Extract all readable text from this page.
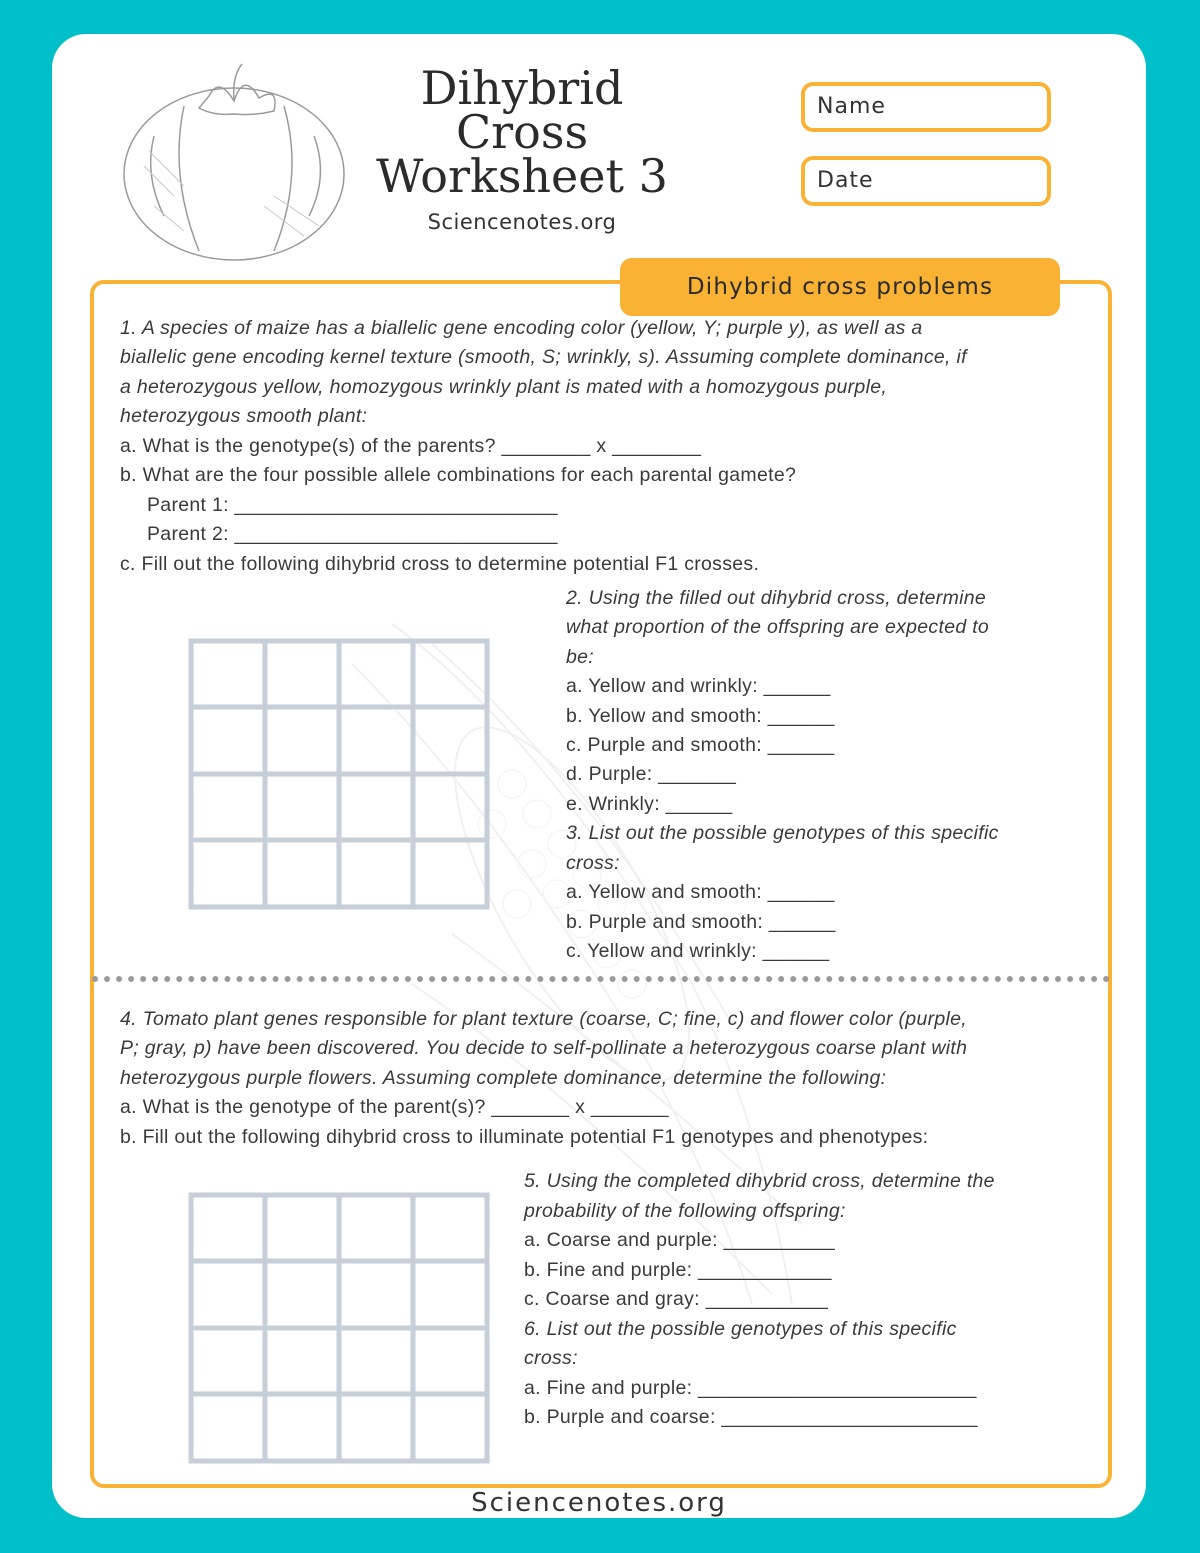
Dihybrid
Cross
Worksheet 3
Sciencenotes.org
Name
Date
Dihybrid cross problems
1. A species of maize has a biallelic gene encoding color (yellow, Y; purple y), as well as a
biallelic gene encoding kernel texture (smooth, S; wrinkly, s). Assuming complete dominance, if
a heterozygous yellow, homozygous wrinkly plant is mated with a homozygous purple,
heterozygous smooth plant:
a. What is the genotype(s) of the parents? ________ x ________
b. What are the four possible allele combinations for each parental gamete?
Parent 1: _____________________________
Parent 2: _____________________________
c. Fill out the following dihybrid cross to determine potential F1 crosses.
2. Using the filled out dihybrid cross, determine
what proportion of the offspring are expected to
be:
a. Yellow and wrinkly: ______
b. Yellow and smooth: ______
c. Purple and smooth: ______
d. Purple: _______
e. Wrinkly: ______
3. List out the possible genotypes of this specific
cross:
a. Yellow and smooth: ______
b. Purple and smooth: ______
c. Yellow and wrinkly: ______
4. Tomato plant genes responsible for plant texture (coarse, C; fine, c) and flower color (purple,
P; gray, p) have been discovered. You decide to self-pollinate a heterozygous coarse plant with
heterozygous purple flowers. Assuming complete dominance, determine the following:
a. What is the genotype of the parent(s)? _______ x _______
b. Fill out the following dihybrid cross to illuminate potential F1 genotypes and phenotypes:
5. Using the completed dihybrid cross, determine the
probability of the following offspring:
a. Coarse and purple: __________
b. Fine and purple: ____________
c. Coarse and gray: ___________
6. List out the possible genotypes of this specific
cross:
a. Fine and purple: _________________________
b. Purple and coarse: _______________________
Sciencenotes.org
